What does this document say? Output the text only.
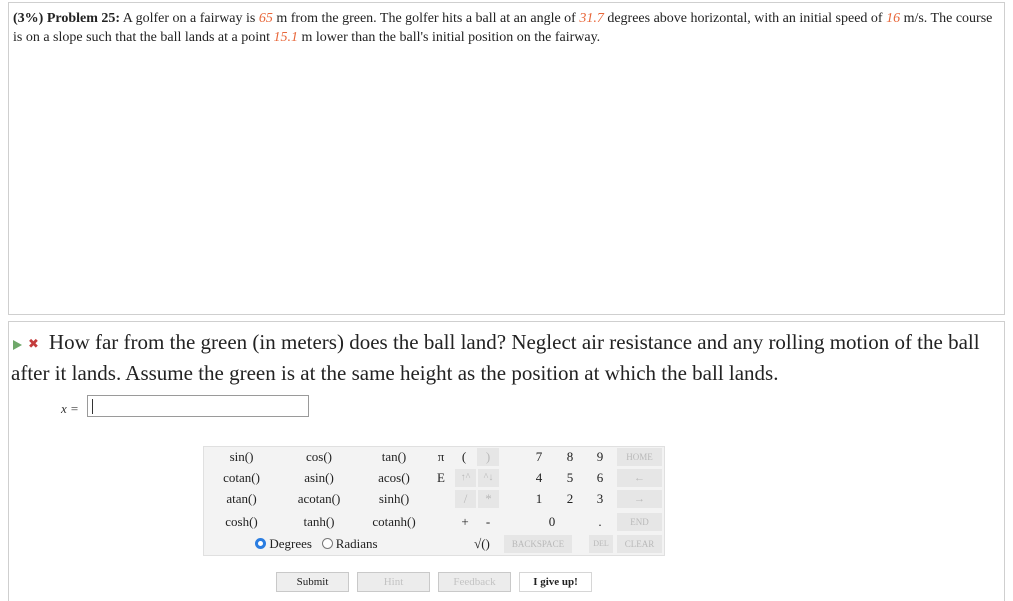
(3%) Problem 25: A golfer on a fairway is 65 m from the green. The golfer hits a ball at an angle of 31.7 degrees above horizontal, with an initial speed of 16 m/s. The course is on a slope such that the ball lands at a point 15.1 m lower than the ball's initial position on the fairway.
✖ How far from the green (in meters) does the ball land? Neglect air resistance and any rolling motion of the ball after it lands. Assume the green is at the same height as the position at which the ball lands.
x =
sin()	cos()	tan()
cotan()	asin()	acos()
atan()	acotan()	sinh()
cosh()	tanh()	cotanh()
Degrees Radians
π	(	)
E	↑^	^↓
/	*
+	-
√()
7	8	9
4	5	6
1	2	3
0	.
HOME
←
→
END
BACKSPACE	DEL	CLEAR
Submit	Hint	Feedback	I give up!
